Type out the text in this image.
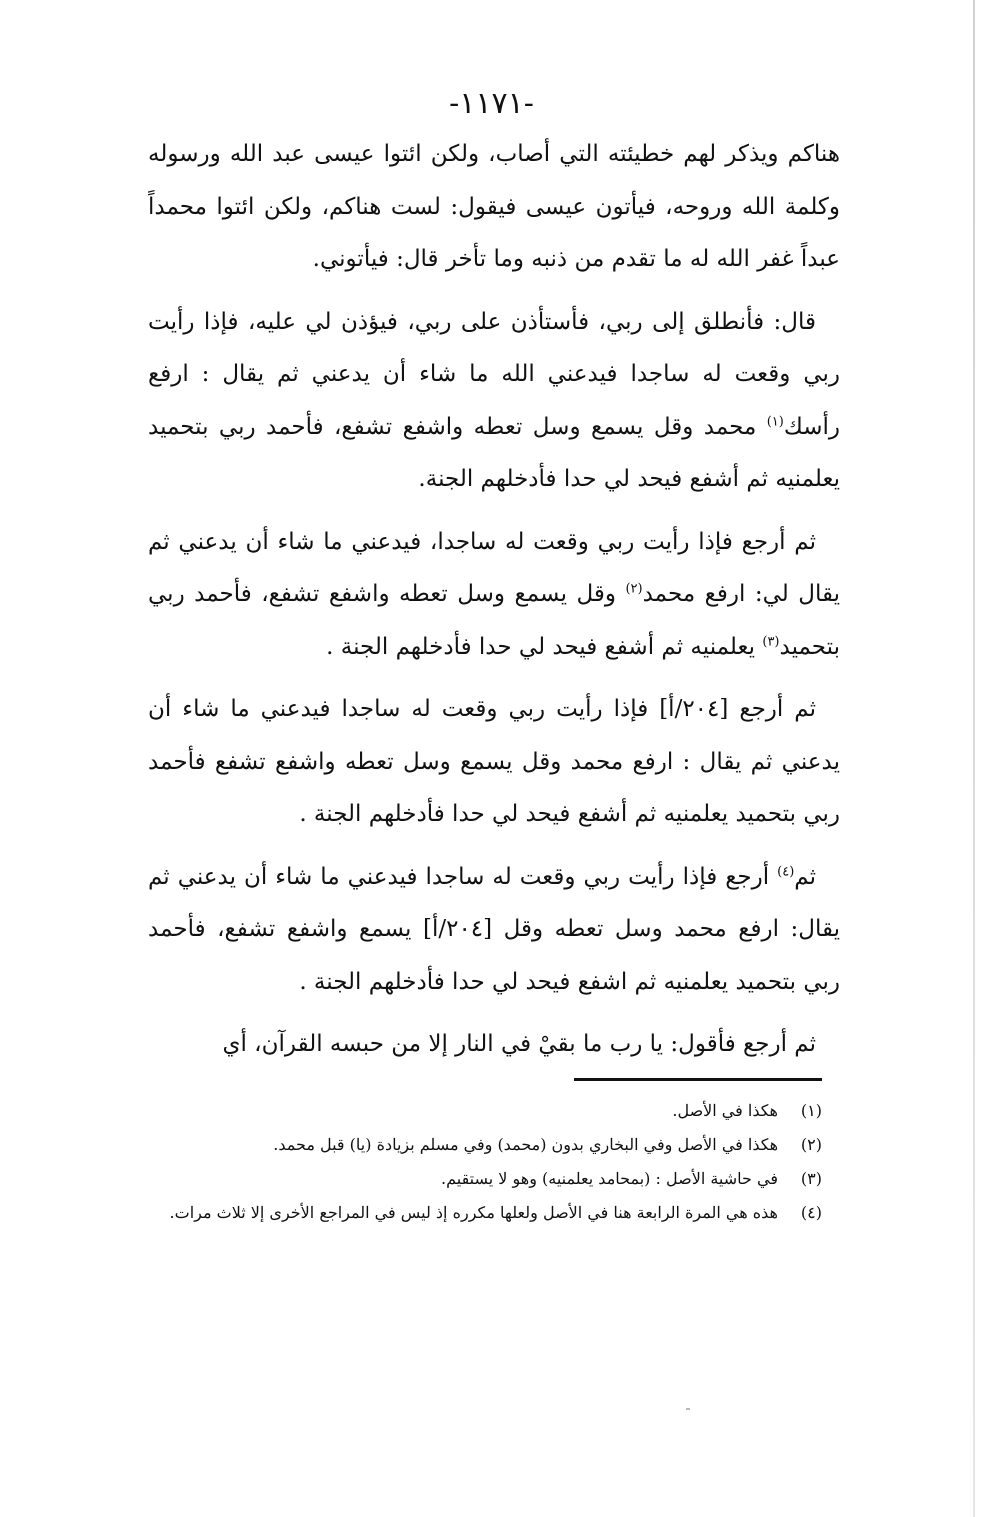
-١١٧١-

هناكم ويذكر لهم خطيئته التي أصاب، ولكن ائتوا عيسى عبد الله ورسوله وكلمة الله وروحه، فيأتون عيسى فيقول: لست هناكم، ولكن ائتوا محمداً عبداً غفر الله له ما تقدم من ذنبه وما تأخر قال: فيأتوني.

قال: فأنطلق إلى ربي، فأستأذن على ربي، فيؤذن لي عليه، فإذا رأيت ربي وقعت له ساجدا فيدعني الله ما شاء أن يدعني ثم يقال : ارفع رأسك$^{(١)}$ محمد وقل يسمع وسل تعطه واشفع تشفع، فأحمد ربي بتحميد يعلمنيه ثم أشفع فيحد لي حدا فأدخلهم الجنة.

ثم أرجع فإذا رأيت ربي وقعت له ساجدا، فيدعني ما شاء أن يدعني ثم يقال لي: ارفع محمد$^{(٢)}$ وقل يسمع وسل تعطه واشفع تشفع، فأحمد ربي بتحميد$^{(٣)}$ يعلمنيه ثم أشفع فيحد لي حدا فأدخلهم الجنة .

ثم أرجع [٢٠٤/أ] فإذا رأيت ربي وقعت له ساجدا فيدعني ما شاء أن يدعني ثم يقال : ارفع محمد وقل يسمع وسل تعطه واشفع تشفع فأحمد ربي بتحميد يعلمنيه ثم أشفع فيحد لي حدا فأدخلهم الجنة .

ثم$^{(٤)}$ أرجع فإذا رأيت ربي وقعت له ساجدا فيدعني ما شاء أن يدعني ثم يقال: ارفع محمد وسل تعطه وقل [٢٠٤/أ] يسمع واشفع تشفع، فأحمد ربي بتحميد يعلمنيه ثم اشفع فيحد لي حدا فأدخلهم الجنة .

ثم أرجع فأقول: يا رب ما بقيْ في النار إلا من حبسه القرآن، أي

(١)
هكذا في الأصل.
(٢)
هكذا في الأصل وفي البخاري بدون (محمد) وفي مسلم بزيادة (يا) قبل محمد.
(٣)
في حاشية الأصل : (بمحامد يعلمنيه) وهو لا يستقيم.
(٤)
هذه هي المرة الرابعة هنا في الأصل ولعلها مكرره إذ ليس في المراجع الأخرى إلا ثلاث مرات.
